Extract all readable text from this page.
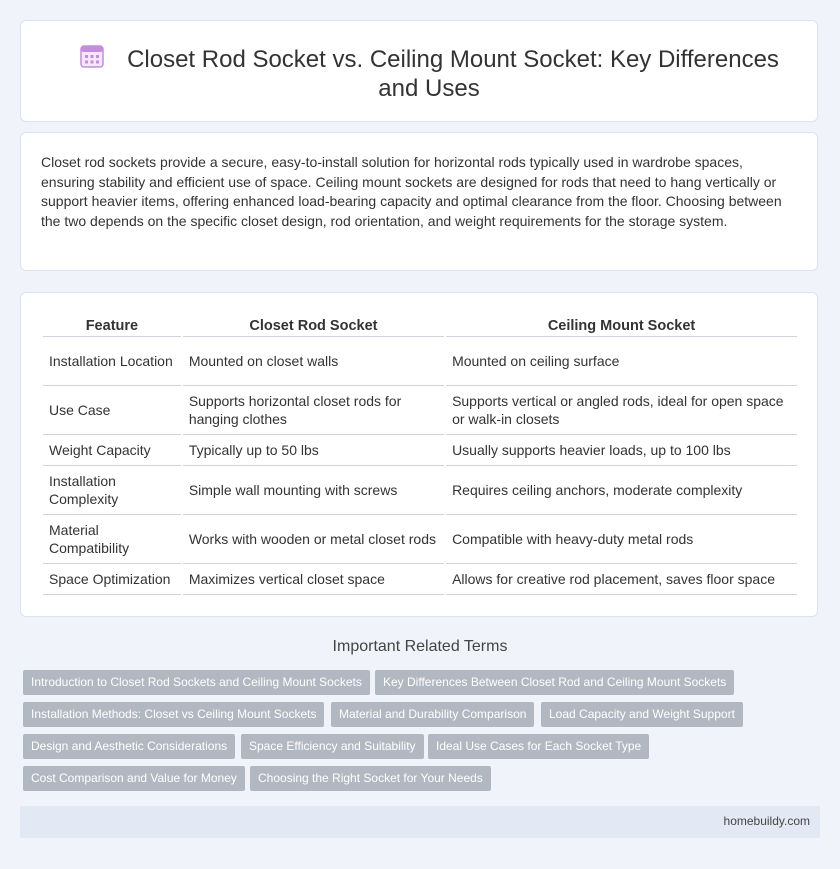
Closet Rod Socket vs. Ceiling Mount Socket: Key Differences and Uses
Closet rod sockets provide a secure, easy-to-install solution for horizontal rods typically used in wardrobe spaces, ensuring stability and efficient use of space. Ceiling mount sockets are designed for rods that need to hang vertically or support heavier items, offering enhanced load-bearing capacity and optimal clearance from the floor. Choosing between the two depends on the specific closet design, rod orientation, and weight requirements for the storage system.
Feature	Closet Rod Socket	Ceiling Mount Socket
Installation Location	Mounted on closet walls	Mounted on ceiling surface
Use Case	Supports horizontal closet rods for hanging clothes	Supports vertical or angled rods, ideal for open space or walk-in closets
Weight Capacity	Typically up to 50 lbs	Usually supports heavier loads, up to 100 lbs
Installation Complexity	Simple wall mounting with screws	Requires ceiling anchors, moderate complexity
Material Compatibility	Works with wooden or metal closet rods	Compatible with heavy-duty metal rods
Space Optimization	Maximizes vertical closet space	Allows for creative rod placement, saves floor space
Important Related Terms
Introduction to Closet Rod Sockets and Ceiling Mount Sockets	Key Differences Between Closet Rod and Ceiling Mount Sockets
Installation Methods: Closet vs Ceiling Mount Sockets	Material and Durability Comparison	Load Capacity and Weight Support
Design and Aesthetic Considerations	Space Efficiency and Suitability	Ideal Use Cases for Each Socket Type
Cost Comparison and Value for Money	Choosing the Right Socket for Your Needs
homebuildy.com
